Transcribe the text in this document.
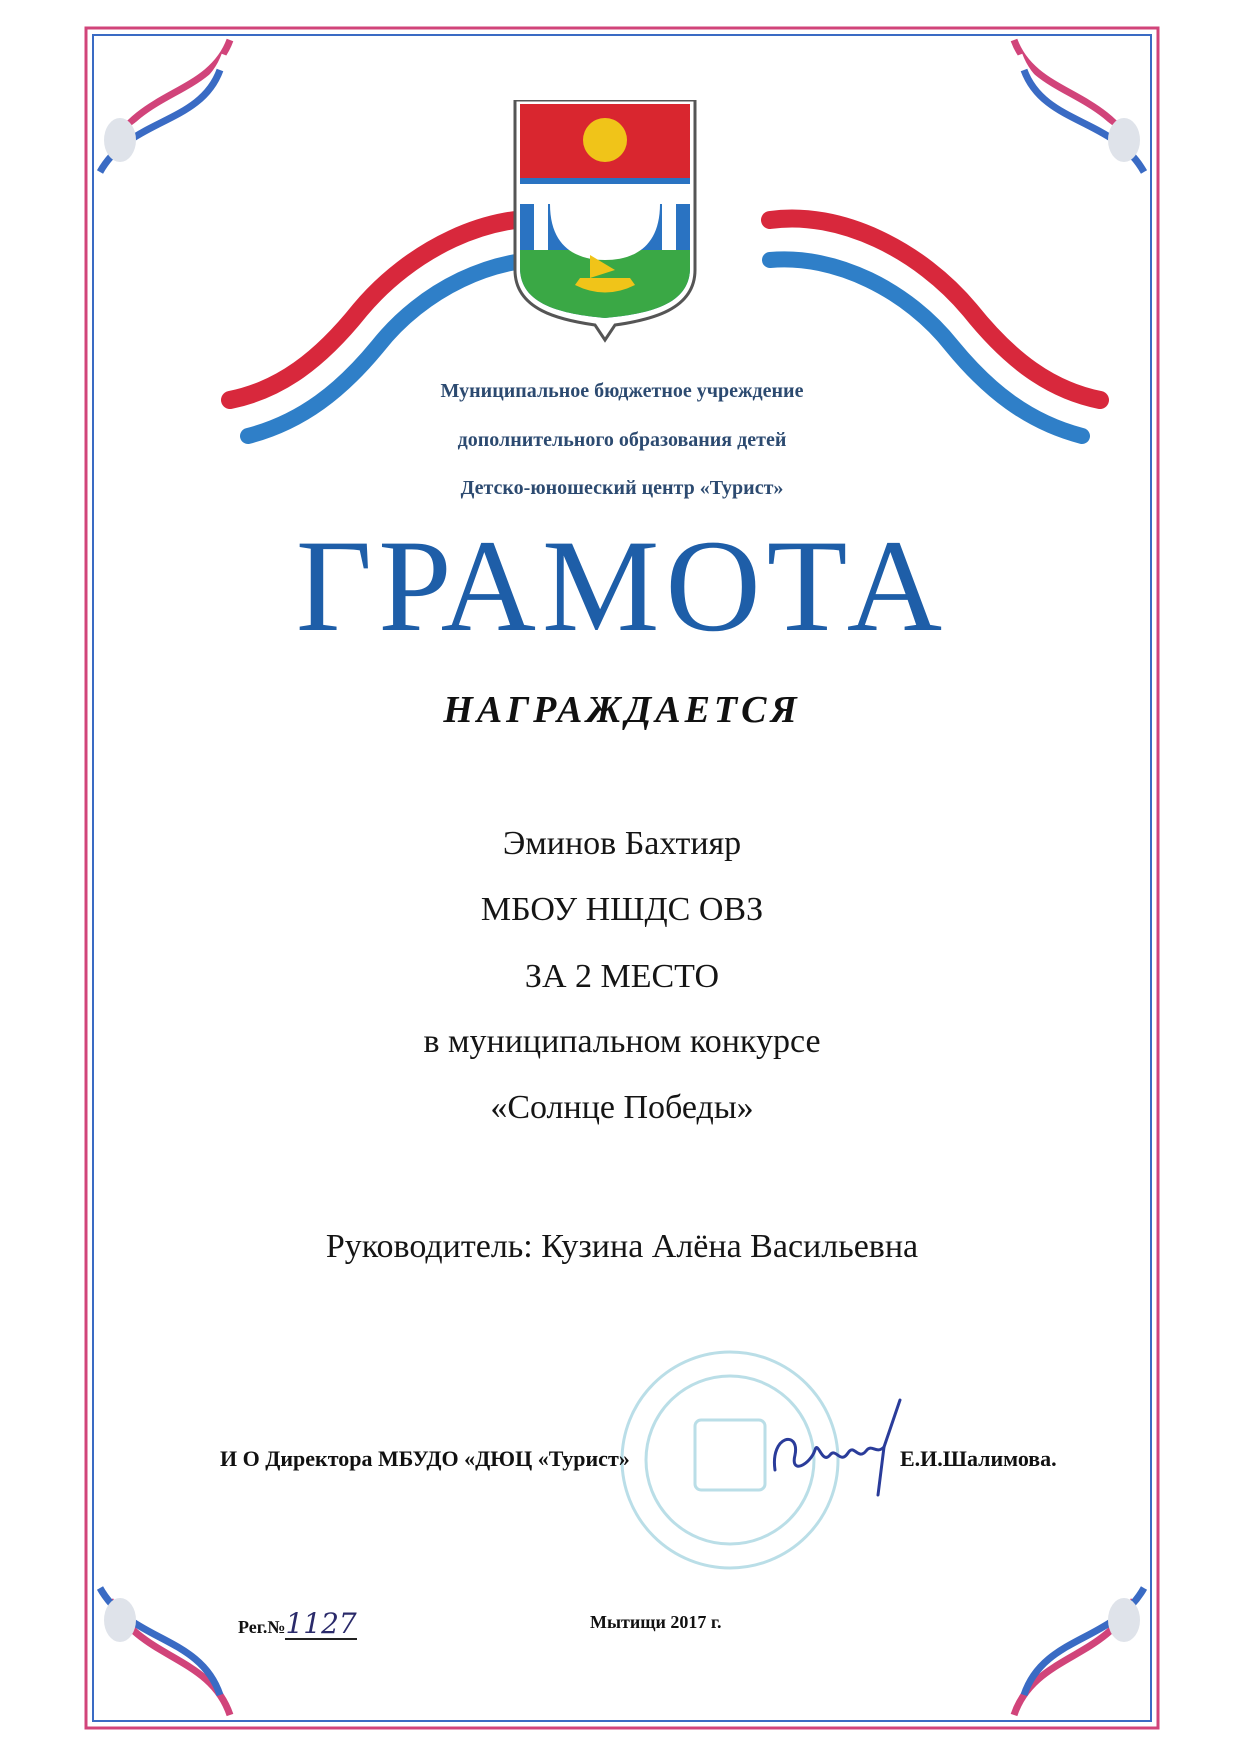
Муниципальное бюджетное учреждение
дополнительного образования детей
Детско-юношеский центр «Турист»
ГРАМОТА
НАГРАЖДАЕТСЯ
Эминов Бахтияр
МБОУ НШДС ОВЗ
ЗА 2 МЕСТО
в муниципальном конкурсе
«Солнце Победы»
Руководитель: Кузина Алёна Васильевна
И О Директора МБУДО «ДЮЦ «Турист»	Е.И.Шалимова.
Рег.№1127	Мытищи 2017 г.
